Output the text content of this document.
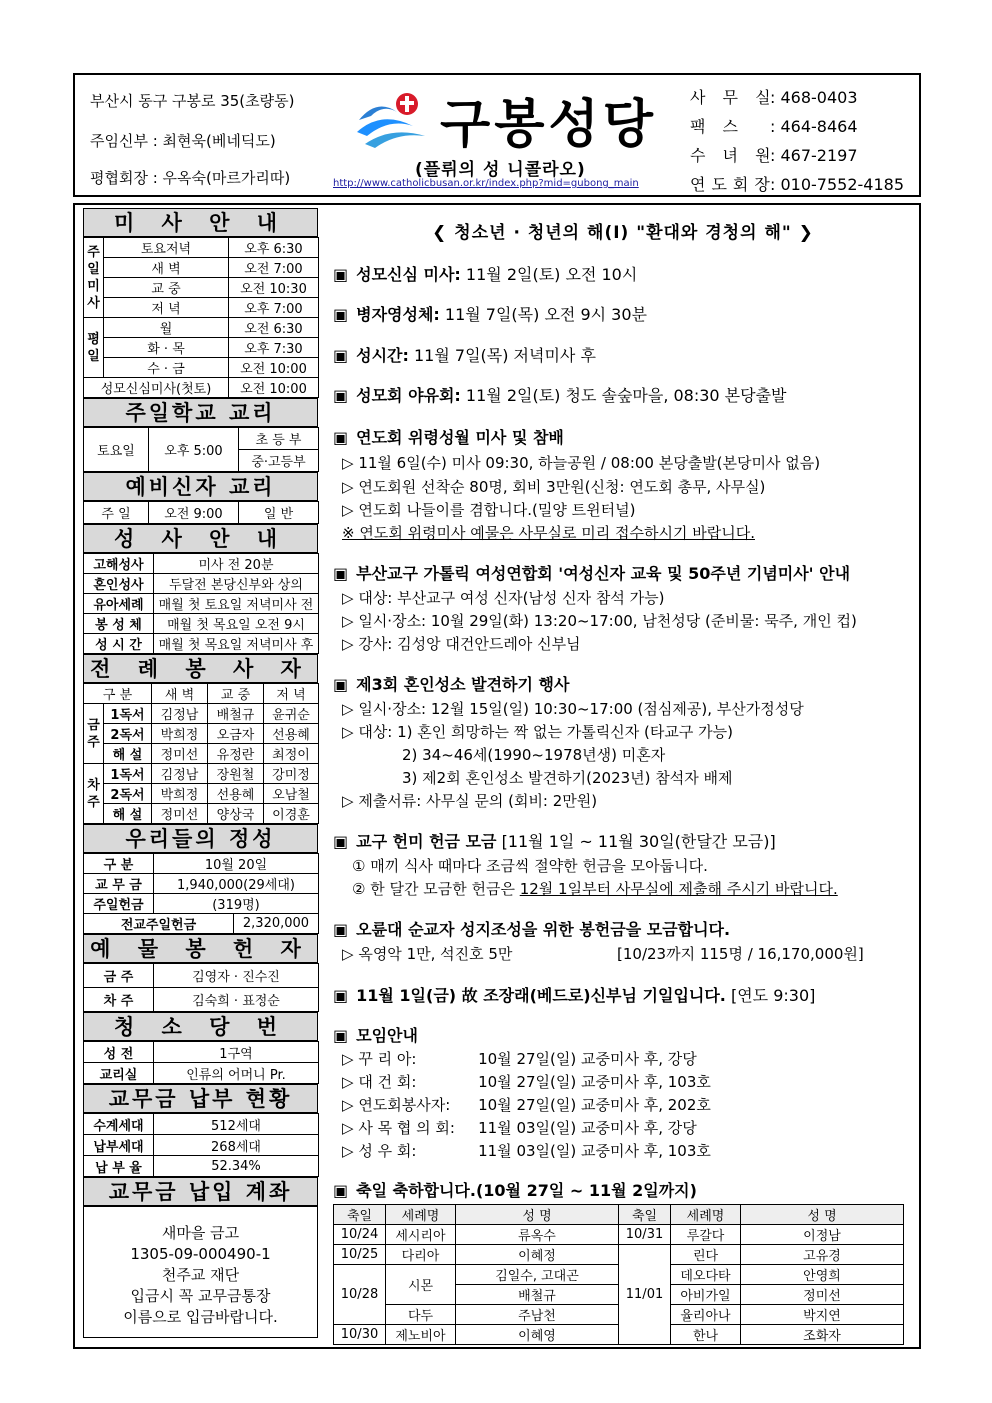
부산시 동구 구봉로 35(초량동)
주임신부 : 최현욱(베네딕도)
평협회장 : 우옥숙(마르가리따)
구봉성당
(플뤼의 성 니콜라오)
http://www.catholicbusan.or.kr/index.php?mid=gubong_main
사 무 실: 468-0403
팩 스 : 464-8464
수 녀 원: 467-2197
연도회장: 010-7552-4185
미 사 안 내
주
일
미
사	토요저녁	오후 6:30
	새 벽	오전 7:00
	교 중	오전 10:30
	저 녁	오후 7:00
평
일	월	오전 6:30
	화 · 목	오후 7:30
	수 · 금	오전 10:00
성모신심미사(첫토)		오전 10:00
주일학교 교리
토요일	오후 5:00	초 등 부
중·고등부
예비신자 교리
주 일	오전 9:00	일 반
성 사 안 내
고해성사	미사 전 20분
혼인성사	두달전 본당신부와 상의
유아세례	매월 첫 토요일 저녁미사 전
봉 성 체	매월 첫 목요일 오전 9시
성 시 간	매월 첫 목요일 저녁미사 후
전 례 봉 사 자
구 분		새 벽	교 중	저 녁
금
주	1독서	김정남	배철규	윤귀순
	2독서	박희정	오금자	선용혜
	해 설	정미선	유정란	최정이
차
주	1독서	김정남	장원철	강미정
	2독서	박희정	선용혜	오남철
	해 설	정미선	양상국	이경훈
우리들의 정성
구 분	10월 20일	
교 무 금	1,940,000(29세대)	
주일헌금	(319명)	
전교주일헌금		2,320,000
예 물 봉 헌 자
금 주	김영자 · 진수진
차 주	김숙희 · 표정순
청 소 당 번
성 전	1구역
교리실	인류의 어머니 Pr.
교무금 납부 현황
수계세대	512세대
납부세대	268세대
납 부 율	52.34%
교무금 납입 계좌
새마을 금고
1305-09-000490-1
천주교 재단
입금시 꼭 교무금통장
이름으로 입금바랍니다.
❮ 청소년 · 청년의 해(I) "환대와 경청의 해" ❯
▣ 성모신심 미사: 11월 2일(토) 오전 10시
▣ 병자영성체: 11월 7일(목) 오전 9시 30분
▣ 성시간: 11월 7일(목) 저녁미사 후
▣ 성모회 야유회: 11월 2일(토) 청도 솔숲마을, 08:30 본당출발
▣ 연도회 위령성월 미사 및 참배
▷ 11월 6일(수) 미사 09:30, 하늘공원 / 08:00 본당출발(본당미사 없음)
▷ 연도회원 선착순 80명, 회비 3만원(신청: 연도회 총무, 사무실)
▷ 연도회 나들이를 겸합니다.(밀양 트윈터널)
※ 연도회 위령미사 예물은 사무실로 미리 접수하시기 바랍니다.
▣ 부산교구 가톨릭 여성연합회 '여성신자 교육 및 50주년 기념미사' 안내
▷ 대상: 부산교구 여성 신자(남성 신자 참석 가능)
▷ 일시·장소: 10월 29일(화) 13:20~17:00, 남천성당 (준비물: 묵주, 개인 컵)
▷ 강사: 김성앙 대건안드레아 신부님
▣ 제3회 혼인성소 발견하기 행사
▷ 일시·장소: 12월 15일(일) 10:30~17:00 (점심제공), 부산가정성당
▷ 대상: 1) 혼인 희망하는 짝 없는 가톨릭신자 (타교구 가능)
2) 34~46세(1990~1978년생) 미혼자
3) 제2회 혼인성소 발견하기(2023년) 참석자 배제
▷ 제출서류: 사무실 문의 (회비: 2만원)
▣ 교구 헌미 헌금 모금 [11월 1일 ~ 11월 30일(한달간 모금)]
① 매끼 식사 때마다 조금씩 절약한 헌금을 모아둡니다.
② 한 달간 모금한 헌금은 12월 1일부터 사무실에 제출해 주시기 바랍니다.
▣ 오륜대 순교자 성지조성을 위한 봉헌금을 모금합니다.
▷ 옥영악 1만, 석진호 5만	[10/23까지 115명 / 16,170,000원]
▣ 11월 1일(금) 故 조장래(베드로)신부님 기일입니다. [연도 9:30]
▣ 모임안내
▷ 꾸 리 아:	10월 27일(일) 교중미사 후, 강당
▷ 대 건 회:	10월 27일(일) 교중미사 후, 103호
▷ 연도회봉사자: 10월 27일(일) 교중미사 후, 202호
▷ 사 목 협 의 회: 11월 03일(일) 교중미사 후, 강당
▷ 성 우 회:	11월 03일(일) 교중미사 후, 103호
▣ 축일 축하합니다.(10월 27일 ~ 11월 2일까지)
축일	세례명	성 명	축일	세례명	성 명
10/24	세시리아	류옥수	10/31	루갈다	이정남
10/25	다리아	이혜정	11/01	린다	고유경
10/28	시몬	김일수, 고대곤		데오다타	안영희
		배철규		아비가일	정미선
	다두	주남천		율리아나	박지연
10/30	제노비아	이혜영		한나	조화자
